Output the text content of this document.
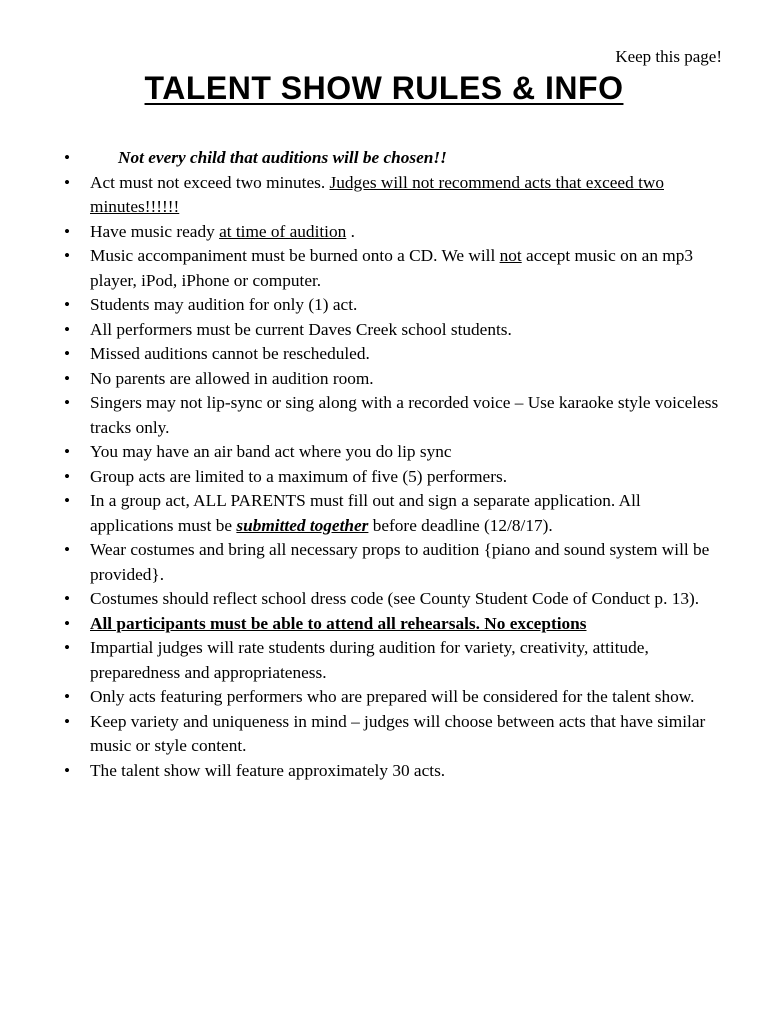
Keep this page!
TALENT SHOW RULES & INFO
•	Not every child that auditions will be chosen!!
•	Act must not exceed two minutes. Judges will not recommend acts that exceed two minutes!!!!!!
•	Have music ready at time of audition .
•	Music accompaniment must be burned onto a CD. We will not accept music on an mp3 player, iPod, iPhone or computer.
•	Students may audition for only (1) act.
•	All performers must be current Daves Creek school students.
•	Missed auditions cannot be rescheduled.
•	No parents are allowed in audition room.
•	Singers may not lip-sync or sing along with a recorded voice – Use karaoke style voiceless tracks only.
•	You may have an air band act where you do lip sync
•	Group acts are limited to a maximum of five (5) performers.
•	In a group act, ALL PARENTS must fill out and sign a separate application. All applications must be submitted together before deadline (12/8/17).
•	Wear costumes and bring all necessary props to audition {piano and sound system will be provided}.
•	Costumes should reflect school dress code (see County Student Code of Conduct p. 13).
•	All participants must be able to attend all rehearsals. No exceptions
•	Impartial judges will rate students during audition for variety, creativity, attitude, preparedness and appropriateness.
•	Only acts featuring performers who are prepared will be considered for the talent show.
•	Keep variety and uniqueness in mind – judges will choose between acts that have similar music or style content.
•	The talent show will feature approximately 30 acts.
